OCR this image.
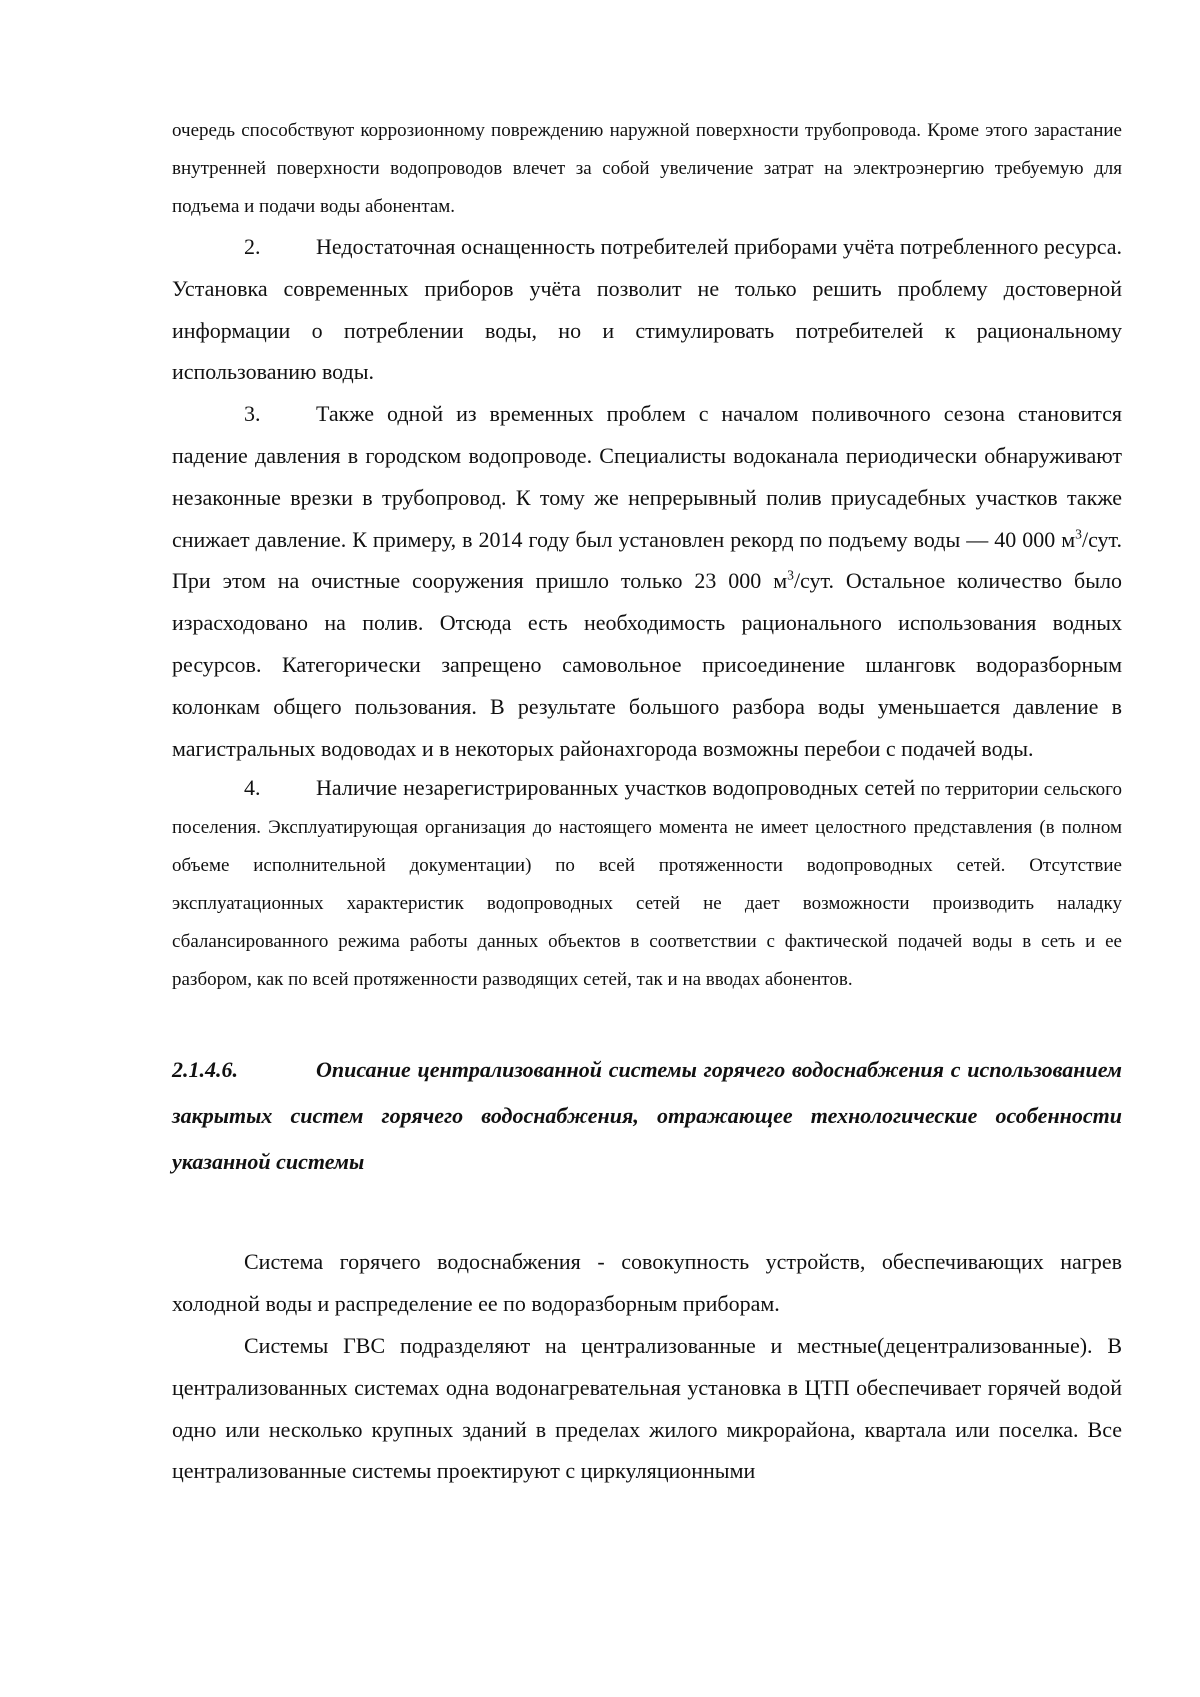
очередь способствуют коррозионному повреждению наружной поверхности трубопровода. Кроме этого зарастание внутренней поверхности водопроводов влечет за собой увеличение затрат на электроэнергию требуемую для подъема и подачи воды абонентам.

2.	Недостаточная оснащенность потребителей приборами учёта потребленного ресурса. Установка современных приборов учёта позволит не только решить проблему достоверной информации о потреблении воды, но и стимулировать потребителей к рациональному использованию воды.

3.	Также одной из временных проблем с началом поливочного сезона становится падение давления в городском водопроводе. Специалисты водоканала периодически обнаруживают незаконные врезки в трубопровод. К тому же непрерывный полив приусадебных участков также снижает давление. К примеру, в 2014 году был установлен рекорд по подъему воды — 40 000 $м^3$/сут. При этом на очистные сооружения пришло только 23 000 $м^3$/сут. Остальное количество было израсходовано на полив. Отсюда есть необходимость рационального использования водных ресурсов. Категорически запрещено самовольное присоединение шланговк водоразборным колонкам общего пользования. В результате большого разбора воды уменьшается давление в магистральных водоводах и в некоторых районахгорода возможны перебои с подачей воды.

4.	Наличие незарегистрированных участков водопроводных сетей по территории сельского поселения. Эксплуатирующая организация до настоящего момента не имеет целостного представления (в полном объеме исполнительной документации) по всей протяженности водопроводных сетей. Отсутствие эксплуатационных характеристик водопроводных сетей не дает возможности производить наладку сбалансированного режима работы данных объектов в соответствии с фактической подачей воды в сеть и ее разбором, как по всей протяженности разводящих сетей, так и на вводах абонентов.

2.1.4.6.	Описание централизованной системы горячего водоснабжения с использованием закрытых систем горячего водоснабжения, отражающее технологические особенности указанной системы

Система горячего водоснабжения - совокупность устройств, обеспечивающих нагрев холодной воды и распределение ее по водоразборным приборам.

Системы ГВС подразделяют на централизованные и местные(децентрализованные). В централизованных системах одна водонагревательная установка в ЦТП обеспечивает горячей водой одно или несколько крупных зданий в пределах жилого микрорайона, квартала или поселка. Все централизованные системы проектируют с циркуляционными
